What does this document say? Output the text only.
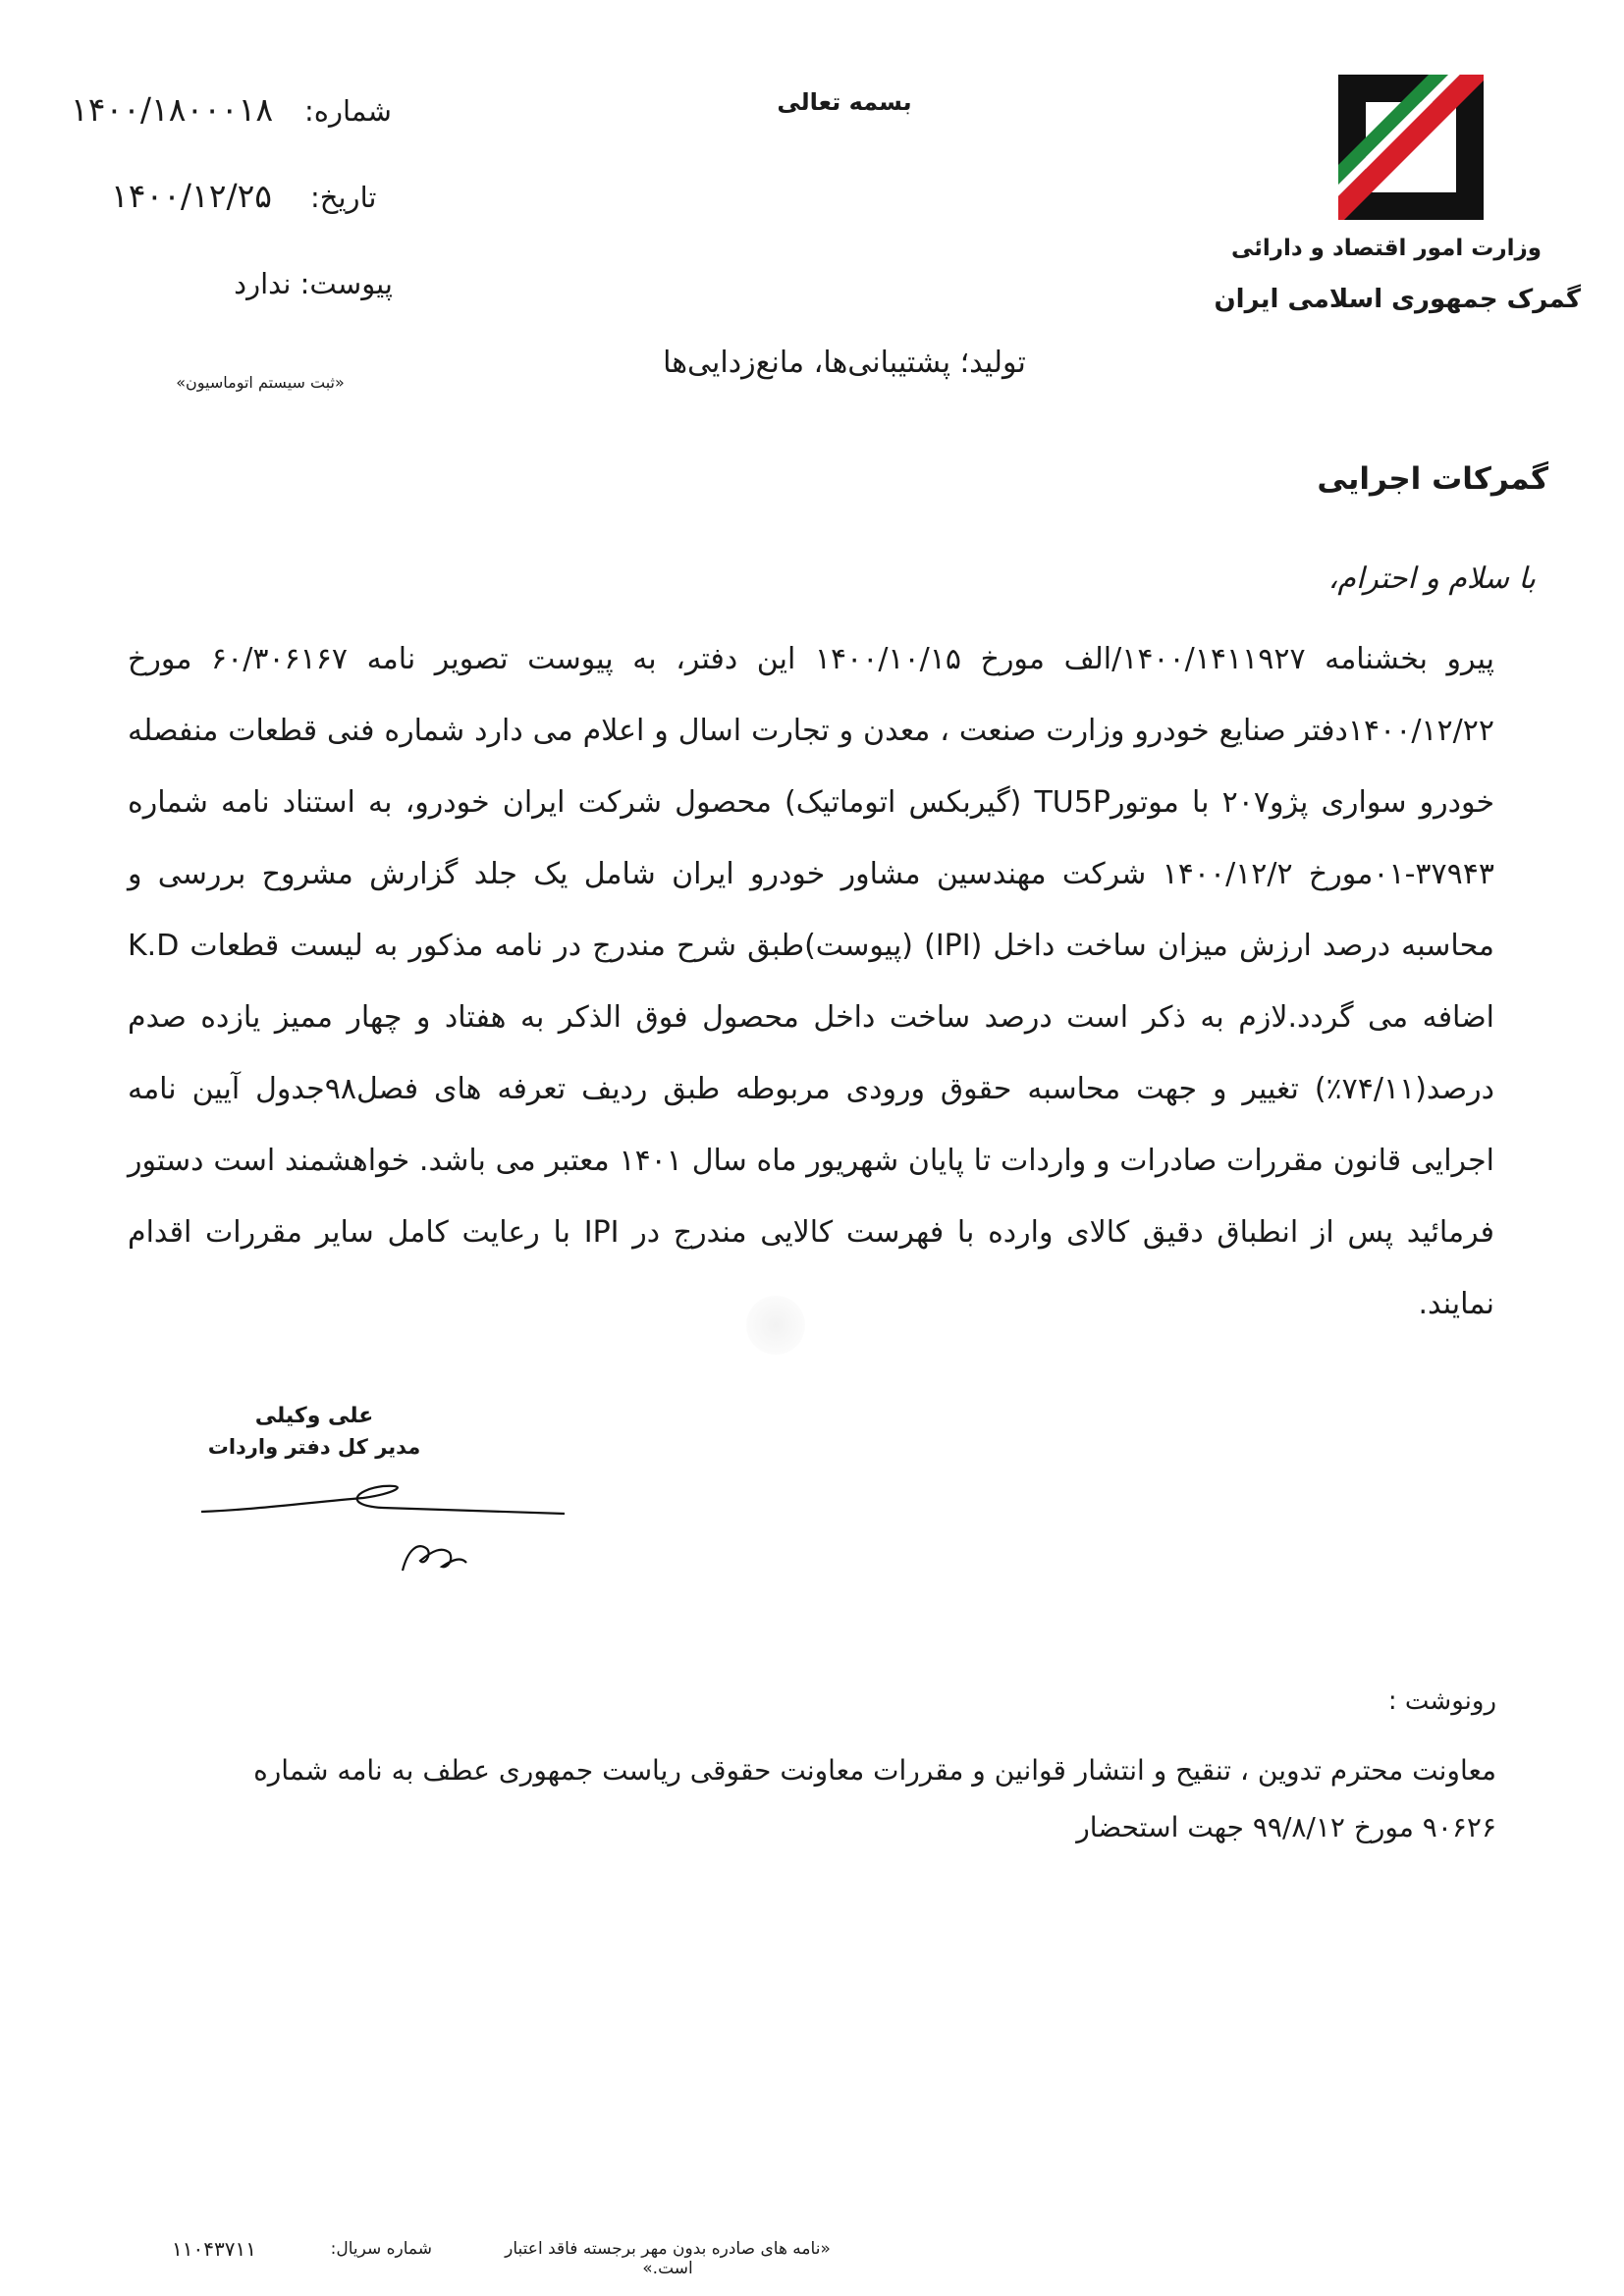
وزارت امور اقتصاد و دارائی
گمرک جمهوری اسلامی ایران
بسمه تعالی
تولید؛ پشتیبانی‌ها، مانع‌زدایی‌ها
شماره:
۱۴۰۰/۱۸۰۰۰۱۸
تاریخ:
۱۴۰۰/۱۲/۲۵
پیوست: ندارد
«ثبت سیستم اتوماسیون»
گمرکات اجرایی
با سلام و احترام،
پیرو بخشنامه ۱۴۰۰/۱۴۱۱۹۲۷/الف مورخ ۱۴۰۰/۱۰/۱۵ این دفتر، به پیوست تصویر نامه ۶۰/۳۰۶۱۶۷ مورخ ۱۴۰۰/۱۲/۲۲دفتر صنایع خودرو وزارت صنعت ، معدن و تجارت اسال و اعلام می دارد شماره فنی قطعات منفصله خودرو سواری پژو۲۰۷ با موتورTU5P (گیربکس اتوماتیک) محصول شرکت ایران خودرو، به استناد نامه شماره ۳۷۹۴۳-۰۱مورخ ۱۴۰۰/۱۲/۲ شرکت مهندسین مشاور خودرو ایران شامل یک جلد گزارش مشروح بررسی و محاسبه درصد ارزش میزان ساخت داخل (IPI) (پیوست)طبق شرح مندرج در نامه مذکور به لیست قطعات K.D اضافه می گردد.لازم به ذکر است درصد ساخت داخل محصول فوق الذکر به هفتاد و چهار ممیز یازده صدم درصد(۷۴/۱۱٪) تغییر و جهت محاسبه حقوق ورودی مربوطه طبق ردیف تعرفه های فصل۹۸جدول آیین نامه اجرایی قانون مقررات صادرات و واردات تا پایان شهریور ماه سال ۱۴۰۱ معتبر می باشد. خواهشمند است دستور فرمائید پس از انطباق دقیق کالای وارده با فهرست کالایی مندرج در IPI با رعایت کامل سایر مقررات اقدام نمایند.
علی وکیلی
مدیر کل دفتر واردات
رونوشت :
معاونت محترم تدوین ، تنقیح و انتشار قوانین و مقررات معاونت حقوقی ریاست جمهوری عطف به نامه شماره ۹۰۶۲۶ مورخ ۹۹/۸/۱۲ جهت استحضار
«نامه های صادره بدون مهر برجسته فاقد اعتبار است.»
شماره سریال:
۱۱۰۴۳۷۱۱
